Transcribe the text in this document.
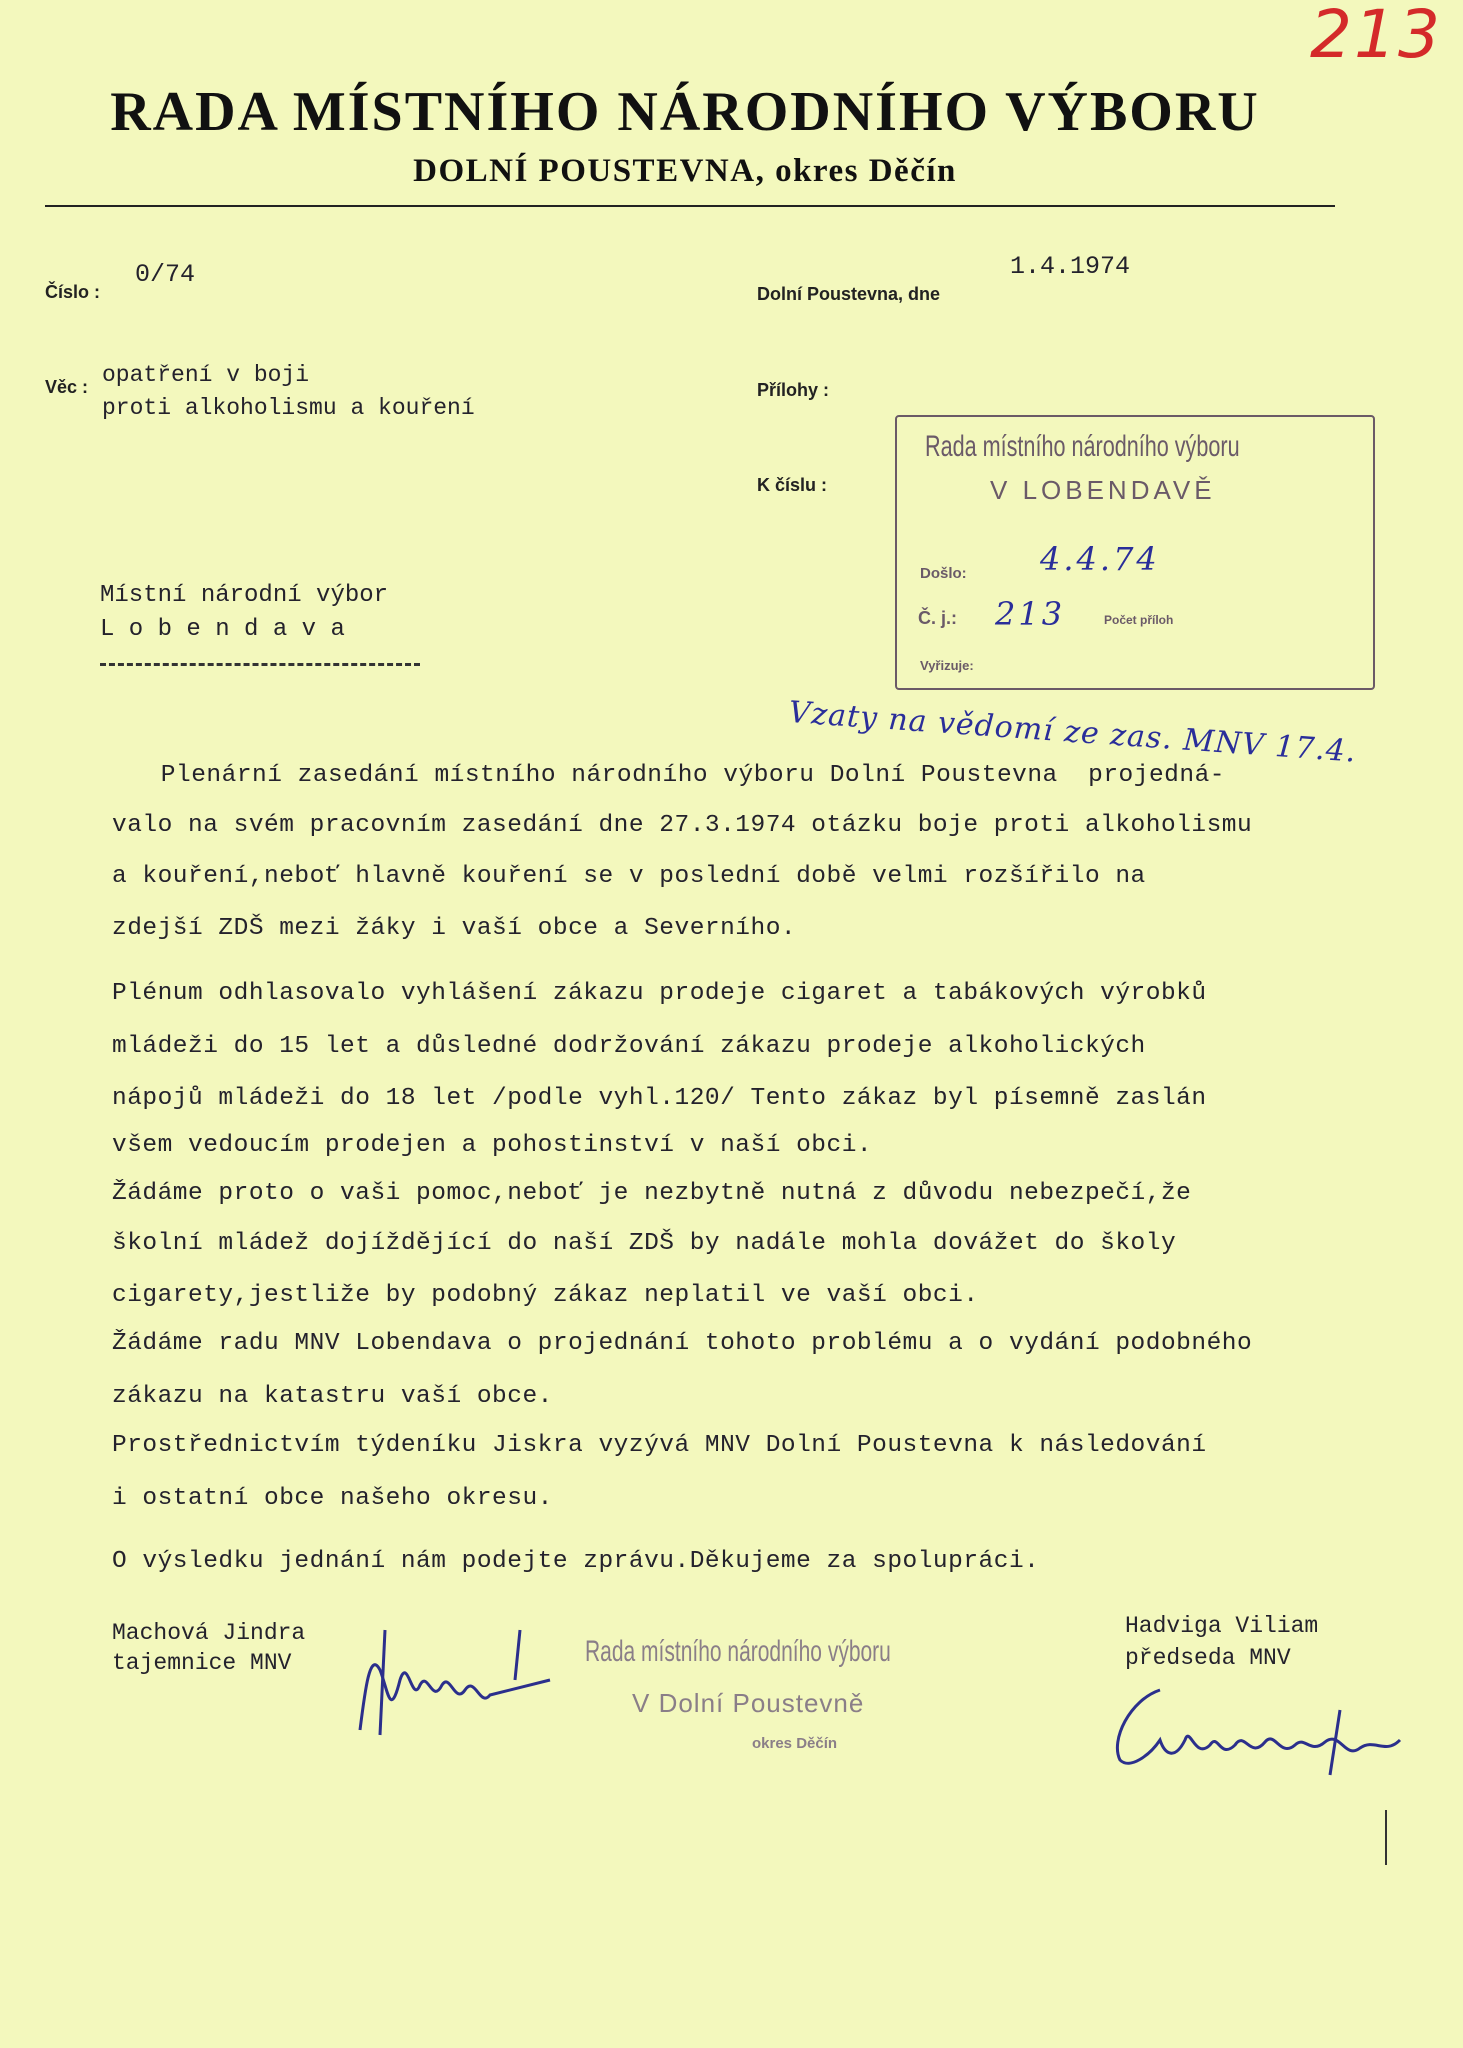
213
RADA MÍSTNÍHO NÁRODNÍHO VÝBORU
DOLNÍ POUSTEVNA, okres Děčín
Číslo :
0/74
Dolní Poustevna, dne
1.4.1974
Věc : opatření v boji
proti alkoholismu a kouření
Přílohy :
K číslu :
Rada místního národního výboru
V LOBENDAVĚ
Došlo: 4.4.74
Č. j.: 213	Počet příloh
Vyřizuje:
Vzaty na vědomí ze zas. MNV 17.4.
Místní národní výbor
L o b e n d a v a
Plenární zasedání místního národního výboru Dolní Poustevna  projedná-
valo na svém pracovním zasedání dne 27.3.1974 otázku boje proti alkoholismu
a kouření,neboť hlavně kouření se v poslední době velmi rozšířilo na
zdejší ZDŠ mezi žáky i vaší obce a Severního.
Plénum odhlasovalo vyhlášení zákazu prodeje cigaret a tabákových výrobků
mládeži do 15 let a důsledné dodržování zákazu prodeje alkoholických
nápojů mládeži do 18 let /podle vyhl.120/ Tento zákaz byl písemně zaslán
všem vedoucím prodejen a pohostinství v naší obci.
Žádáme proto o vaši pomoc,neboť je nezbytně nutná z důvodu nebezpečí,že
školní mládež dojíždějící do naší ZDŠ by nadále mohla dovážet do školy
cigarety,jestliže by podobný zákaz neplatil ve vaší obci.
Žádáme radu MNV Lobendava o projednání tohoto problému a o vydání podobného
zákazu na katastru vaší obce.
Prostřednictvím týdeníku Jiskra vyzývá MNV Dolní Poustevna k následování
i ostatní obce našeho okresu.
O výsledku jednání nám podejte zprávu.Děkujeme za spolupráci.
Machová Jindra
tajemnice MNV
Hadviga Viliam
předseda MNV
Rada místního národního výboru
V Dolní Poustevně
okres Děčín
